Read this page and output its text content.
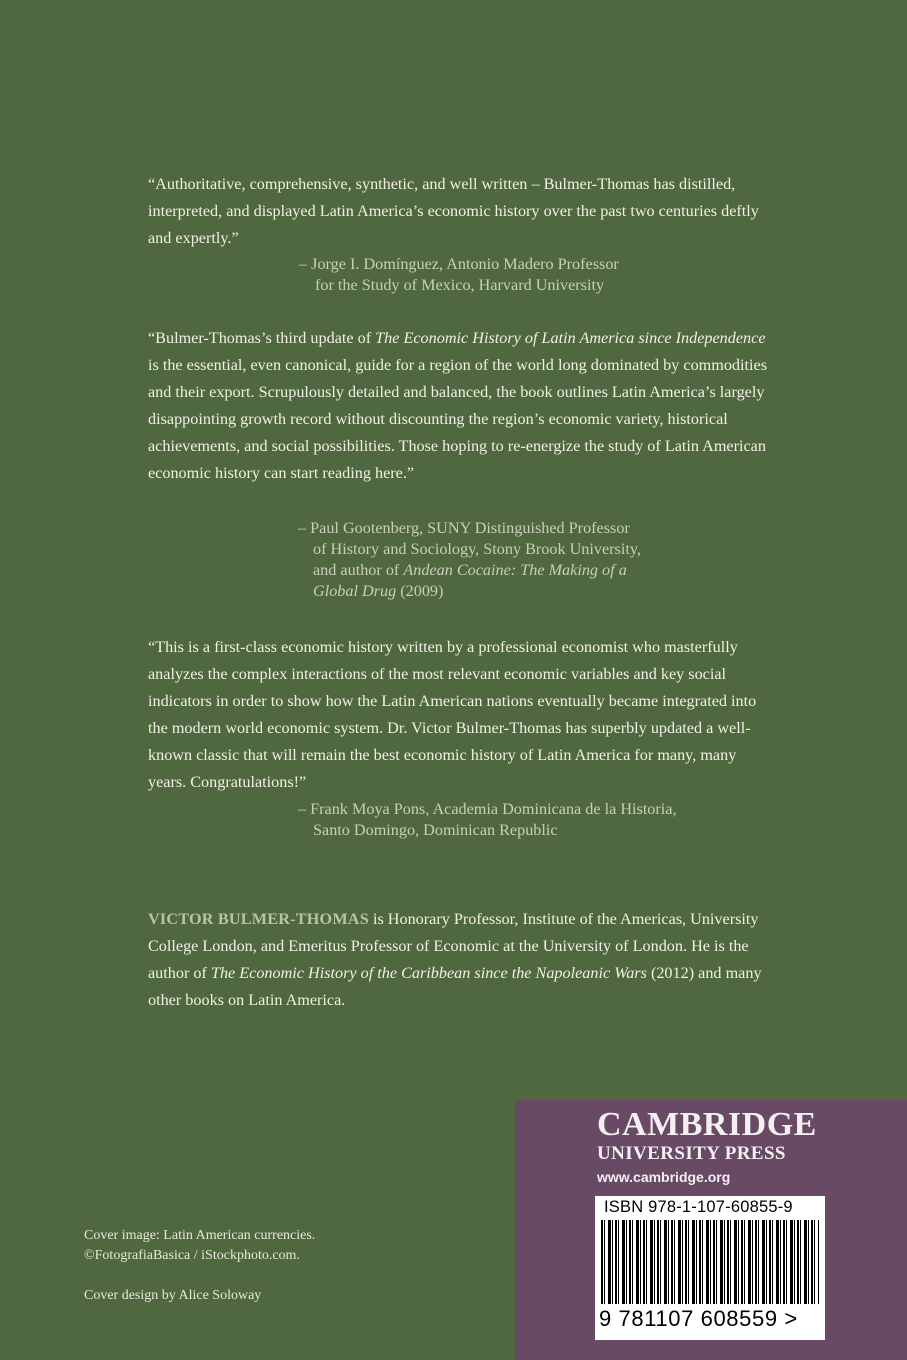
“Authoritative, comprehensive, synthetic, and well written – Bulmer-Thomas has distilled, interpreted, and displayed Latin America’s economic history over the past two centuries deftly and expertly.”

– Jorge I. Domínguez, Antonio Madero Professor
for the Study of Mexico, Harvard University

“Bulmer-Thomas’s third update of The Economic History of Latin America since Independence is the essential, even canonical, guide for a region of the world long dominated by commodities and their export. Scrupulously detailed and balanced, the book outlines Latin America’s largely disappointing growth record without discounting the region’s economic variety, historical achievements, and social possibilities. Those hoping to re-energize the study of Latin American economic history can start reading here.”

– Paul Gootenberg, SUNY Distinguished Professor
of History and Sociology, Stony Brook University,
and author of Andean Cocaine: The Making of a Global Drug (2009)

“This is a first-class economic history written by a professional economist who masterfully analyzes the complex interactions of the most relevant economic variables and key social indicators in order to show how the Latin American nations eventually became integrated into the modern world economic system. Dr. Victor Bulmer-Thomas has superbly updated a well-known classic that will remain the best economic history of Latin America for many, many years. Congratulations!”

– Frank Moya Pons, Academia Dominicana de la Historia,
Santo Domingo, Dominican Republic

VICTOR BULMER-THOMAS is Honorary Professor, Institute of the Americas, University College London, and Emeritus Professor of Economic at the University of London. He is the author of The Economic History of the Caribbean since the Napoleanic Wars (2012) and many other books on Latin America.

Cover image: Latin American currencies.
©FotografiaBasica / iStockphoto.com.

Cover design by Alice Soloway

CAMBRIDGE
UNIVERSITY PRESS
www.cambridge.org
ISBN 978-1-107-60855-9
9 781107 608559 >
